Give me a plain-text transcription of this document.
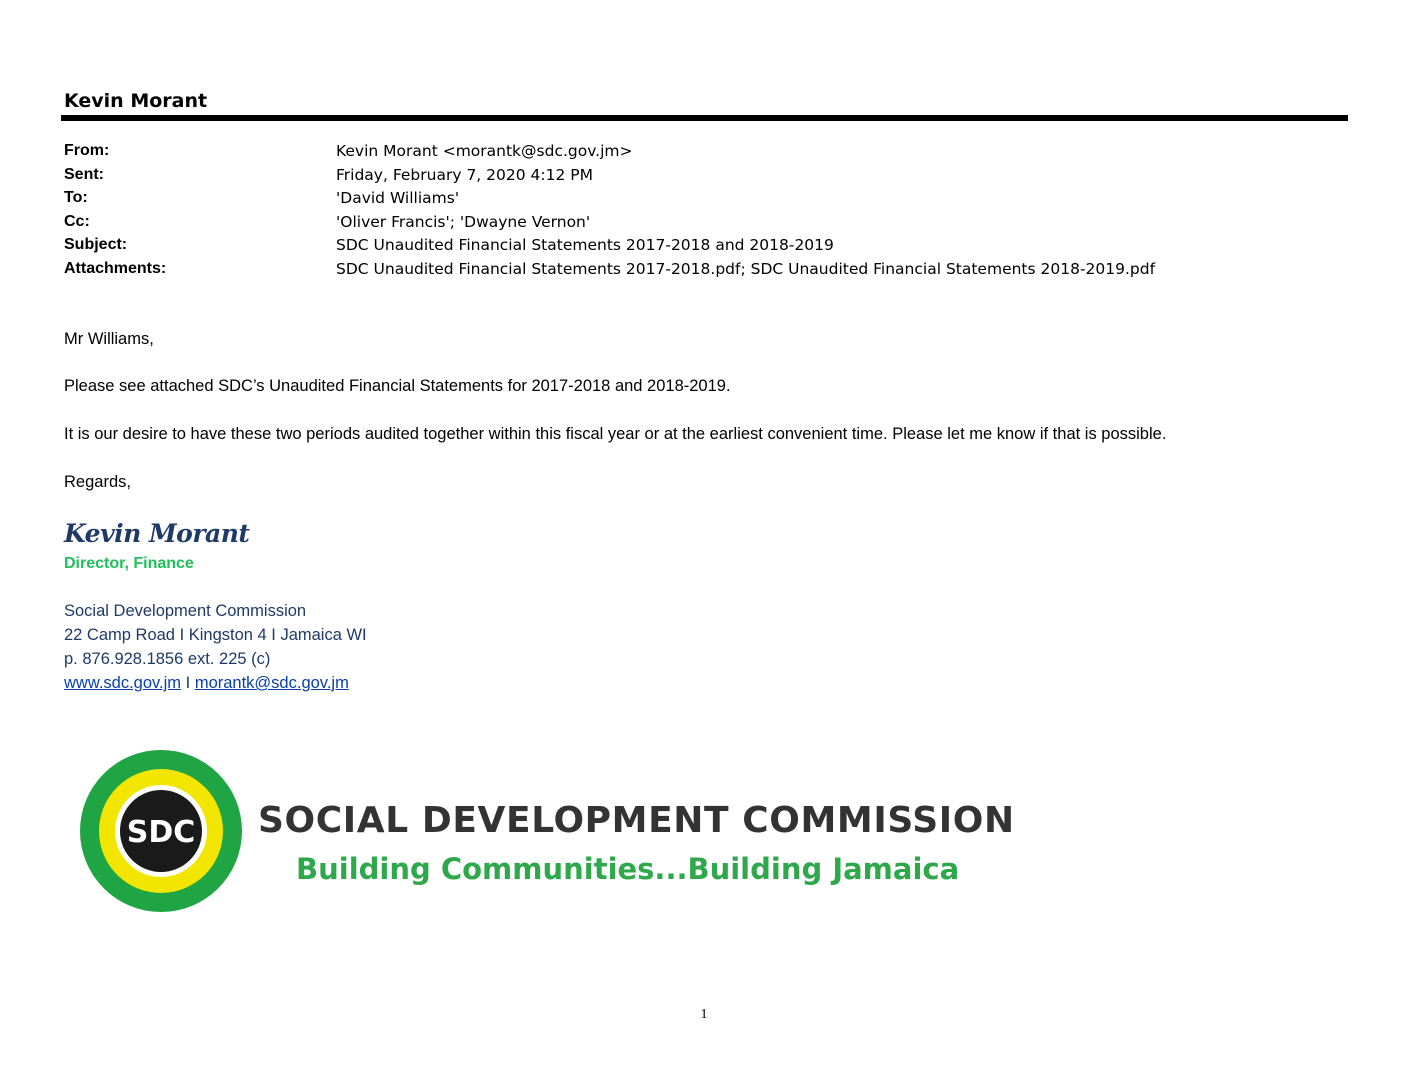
Kevin Morant
From:	Kevin Morant <morantk@sdc.gov.jm>
Sent:	Friday, February 7, 2020 4:12 PM
To:	'David Williams'
Cc:	'Oliver Francis'; 'Dwayne Vernon'
Subject:	SDC Unaudited Financial Statements 2017-2018 and 2018-2019
Attachments:	SDC Unaudited Financial Statements 2017-2018.pdf; SDC Unaudited Financial Statements 2018-2019.pdf
Mr Williams,
Please see attached SDC’s Unaudited Financial Statements for 2017-2018 and 2018-2019.
It is our desire to have these two periods audited together within this fiscal year or at the earliest convenient time. Please let me know if that is possible.
Regards,
Kevin Morant
Director, Finance
Social Development Commission
22 Camp Road I Kingston 4 I Jamaica WI
p. 876.928.1856 ext. 225 (c)
www.sdc.gov.jm I morantk@sdc.gov.jm
SDC SOCIAL DEVELOPMENT COMMISSION
Building Communities...Building Jamaica
1
